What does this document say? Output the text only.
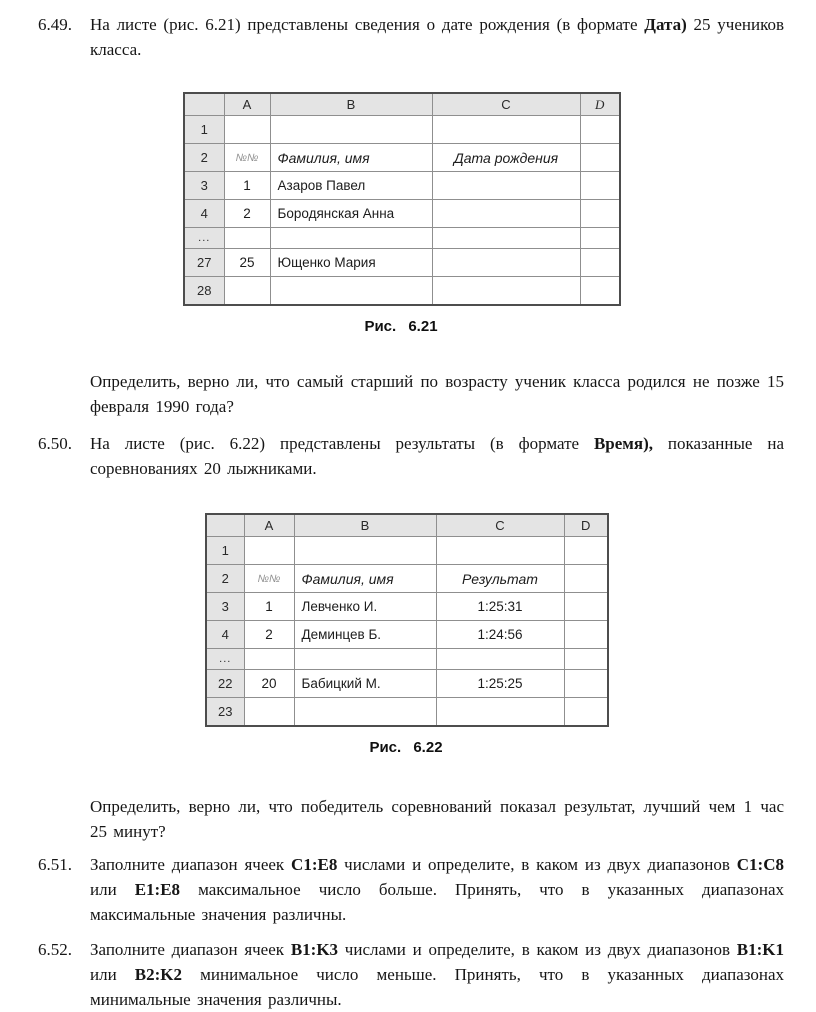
6.49.	На листе (рис. 6.21) представлены сведения о дате рождения (в формате Дата) 25 учеников класса.
	A	B	C	D
1				
2	№№	Фамилия, имя	Дата рождения	
3	1	Азаров Павел		
4	2	Бородянская Анна		
...				
27	25	Ющенко Мария		
28				
Рис. 6.21
Определить, верно ли, что самый старший по возрасту ученик класса родился не позже 15 февраля 1990 года?
6.50.	На листе (рис. 6.22) представлены результаты (в формате Время), показанные на соревнованиях 20 лыжниками.
	A	B	C	D
1				
2	№№	Фамилия, имя	Результат	
3	1	Левченко И.	1:25:31	
4	2	Деминцев Б.	1:24:56	
...				
22	20	Бабицкий М.	1:25:25	
23				
Рис. 6.22
Определить, верно ли, что победитель соревнований показал результат, лучший чем 1 час 25 минут?
6.51.	Заполните диапазон ячеек C1:E8 числами и определите, в каком из двух диапазонов C1:C8 или E1:E8 максимальное число больше. Принять, что в указанных диапазонах максимальные значения различны.
6.52.	Заполните диапазон ячеек B1:K3 числами и определите, в каком из двух диапазонов B1:K1 или B2:K2 минимальное число меньше. Принять, что в указанных диапазонах минимальные значения различны.
